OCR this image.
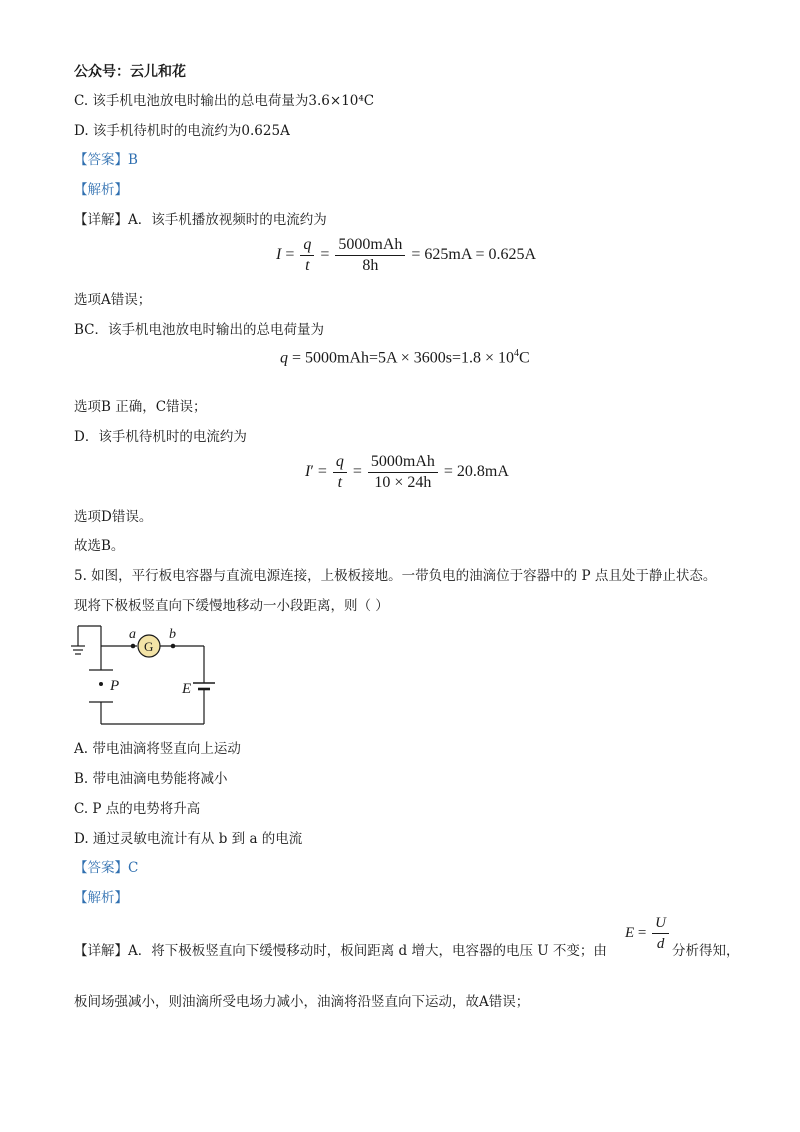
公众号：云儿和花
C. 该手机电池放电时输出的总电荷量为3.6×10⁴C
D. 该手机待机时的电流约为0.625A
【答案】B
【解析】
【详解】A．该手机播放视频时的电流约为
$I = \frac{q}{t} = \frac{\text{5000mAh}}{8h} = 625mA = 0.625A$
选项A错误；
BC．该手机电池放电时输出的总电荷量为
$q = 5000mAh=5A \times 3600s=1.8 \times 10^4C$
选项B 正确，C错误；
D．该手机待机时的电流约为
$I' = \frac{q}{t} = \frac{\text{5000mAh}}{10 \times 24h} = 20.8mA$
选项D错误。
故选B。
5. 如图，平行板电容器与直流电源连接，上极板接地。一带负电的油滴位于容器中的 P 点且处于静止状态。
现将下极板竖直向下缓慢地移动一小段距离，则（ ）
a b
G
P	E
A. 带电油滴将竖直向上运动
B. 带电油滴电势能将减小
C. P 点的电势将升高
D. 通过灵敏电流计有从 b 到 a 的电流
【答案】C
【解析】
【详解】A．将下极板竖直向下缓慢移动时，板间距离 d 增大，电容器的电压 U 不变；由
$E = \frac{U}{d}$ 分析得知，
板间场强减小，则油滴所受电场力减小，油滴将沿竖直向下运动，故A错误；
